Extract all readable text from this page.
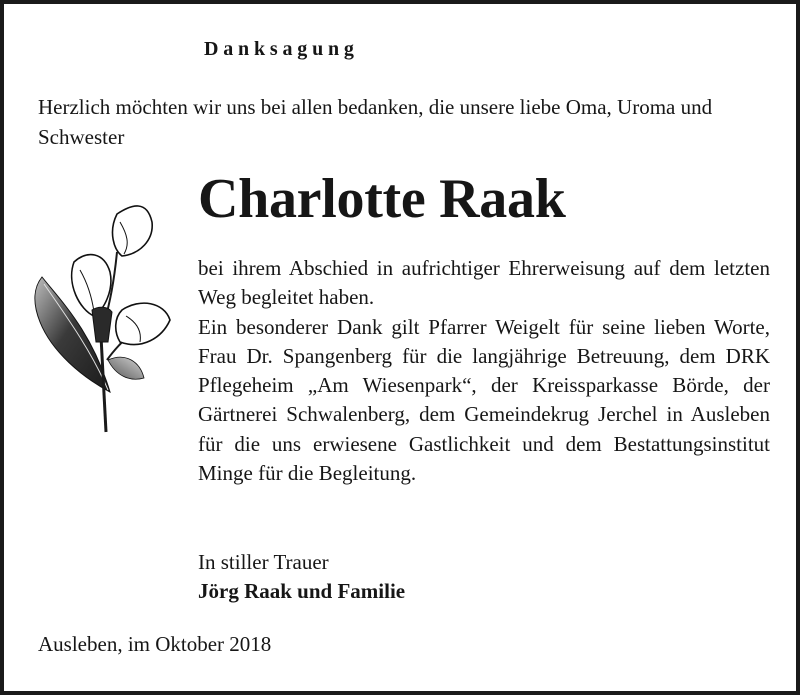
Danksagung

Herzlich möchten wir uns bei allen bedanken, die unsere liebe Oma, Uroma und Schwester

Charlotte Raak

bei ihrem Abschied in aufrichtiger Ehrerweisung auf dem letzten Weg begleitet haben.

Ein besonderer Dank gilt Pfarrer Weigelt für seine lieben Worte, Frau Dr. Spangenberg für die langjährige Betreuung, dem DRK Pflegeheim „Am Wiesenpark“, der Kreissparkasse Börde, der Gärtnerei Schwalenberg, dem Gemeindekrug Jerchel in Ausleben für die uns erwiesene Gastlichkeit und dem Bestattungsinstitut Minge für die Begleitung.

In stiller Trauer
Jörg Raak und Familie

Ausleben, im Oktober 2018
